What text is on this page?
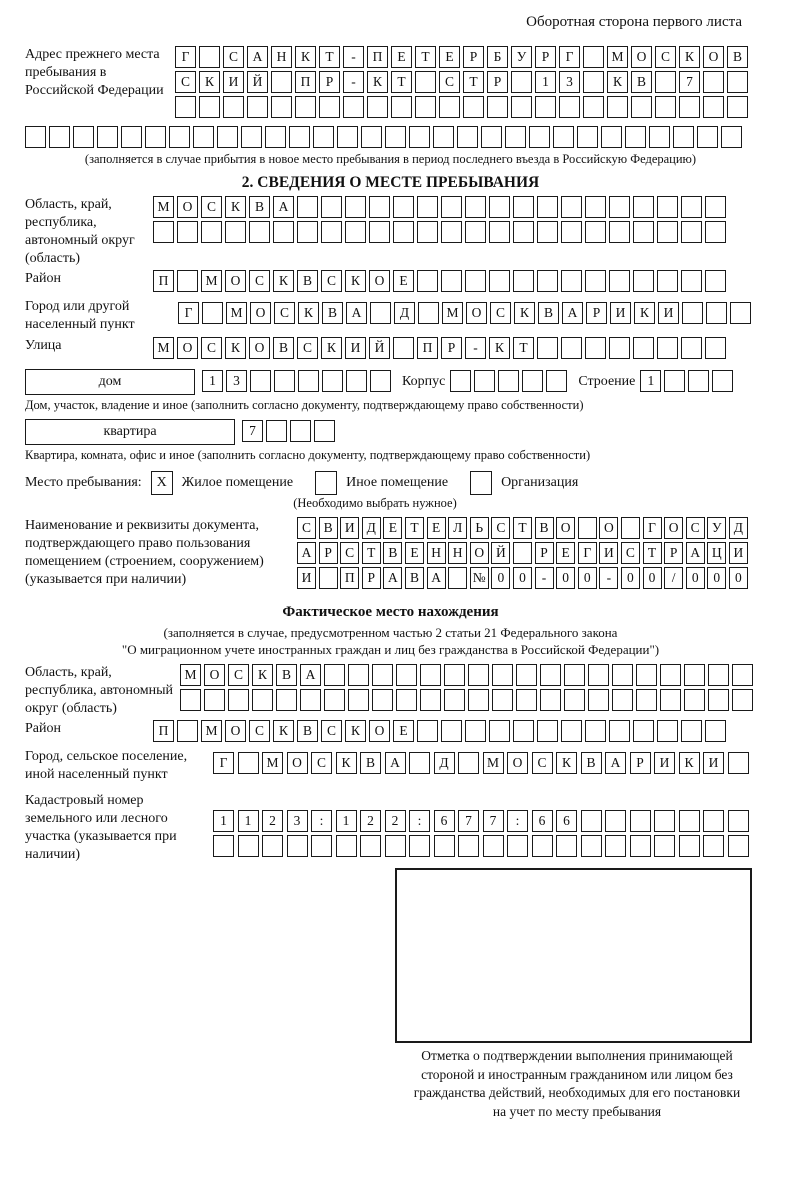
Оборотная сторона первого листа
Адрес прежнего места пребывания в Российской Федерации
Г	С А Н К Т - П Е Т Е Р Б У Р Г	М О С К О В
С К И Й	П Р - К Т	С Т Р	1 3	К В	7
(заполняется в случае прибытия в новое место пребывания в период последнего въезда в Российскую Федерацию)
2. СВЕДЕНИЯ О МЕСТЕ ПРЕБЫВАНИЯ
Область, край, республика, автономный округ (область)
М О С К В А
Район	П	М О С К В С К О Е
Город или другой населенный пункт
Г	М О С К В А	Д	М О С К В А Р И К И
Улица	М О С К О В С К И Й	П Р - К Т
дом	1 3	Корпус	Строение 1
Дом, участок, владение и иное (заполнить согласно документу, подтверждающему право собственности)
квартира	7
Квартира, комната, офис и иное (заполнить согласно документу, подтверждающему право собственности)
Место пребывания:	X	Жилое помещение	Иное помещение	Организация
(Необходимо выбрать нужное)
Наименование и реквизиты документа, подтверждающего право пользования помещением (строением, сооружением) (указывается при наличии)
С В И Д Е Т Е Л Ь С Т В О О	Г О С У Д
А Р С Т В Е Н Н О Й	Р Е Г И С Т Р А Ц И
И П Р А В А № 0 0 - 0 0 - 0 0 / 0 0 0
Фактическое место нахождения
(заполняется в случае, предусмотренном частью 2 статьи 21 Федерального закона
"О миграционном учете иностранных граждан и лиц без гражданства в Российской Федерации")
Область, край, республика, автономный округ (область)
М О С К В А
Район	П	М О С К В С К О Е
Город, сельское поселение, иной населенный пункт
Г	М О С К В А	Д	М О С К В А Р И К И
Кадастровый номер земельного или лесного участка (указывается при наличии)
1 1 2 3 : 1 2 2 : 6 7 7 : 6 6
Отметка о подтверждении выполнения принимающей
стороной и иностранным гражданином или лицом без
гражданства действий, необходимых для его постановки
на учет по месту пребывания
